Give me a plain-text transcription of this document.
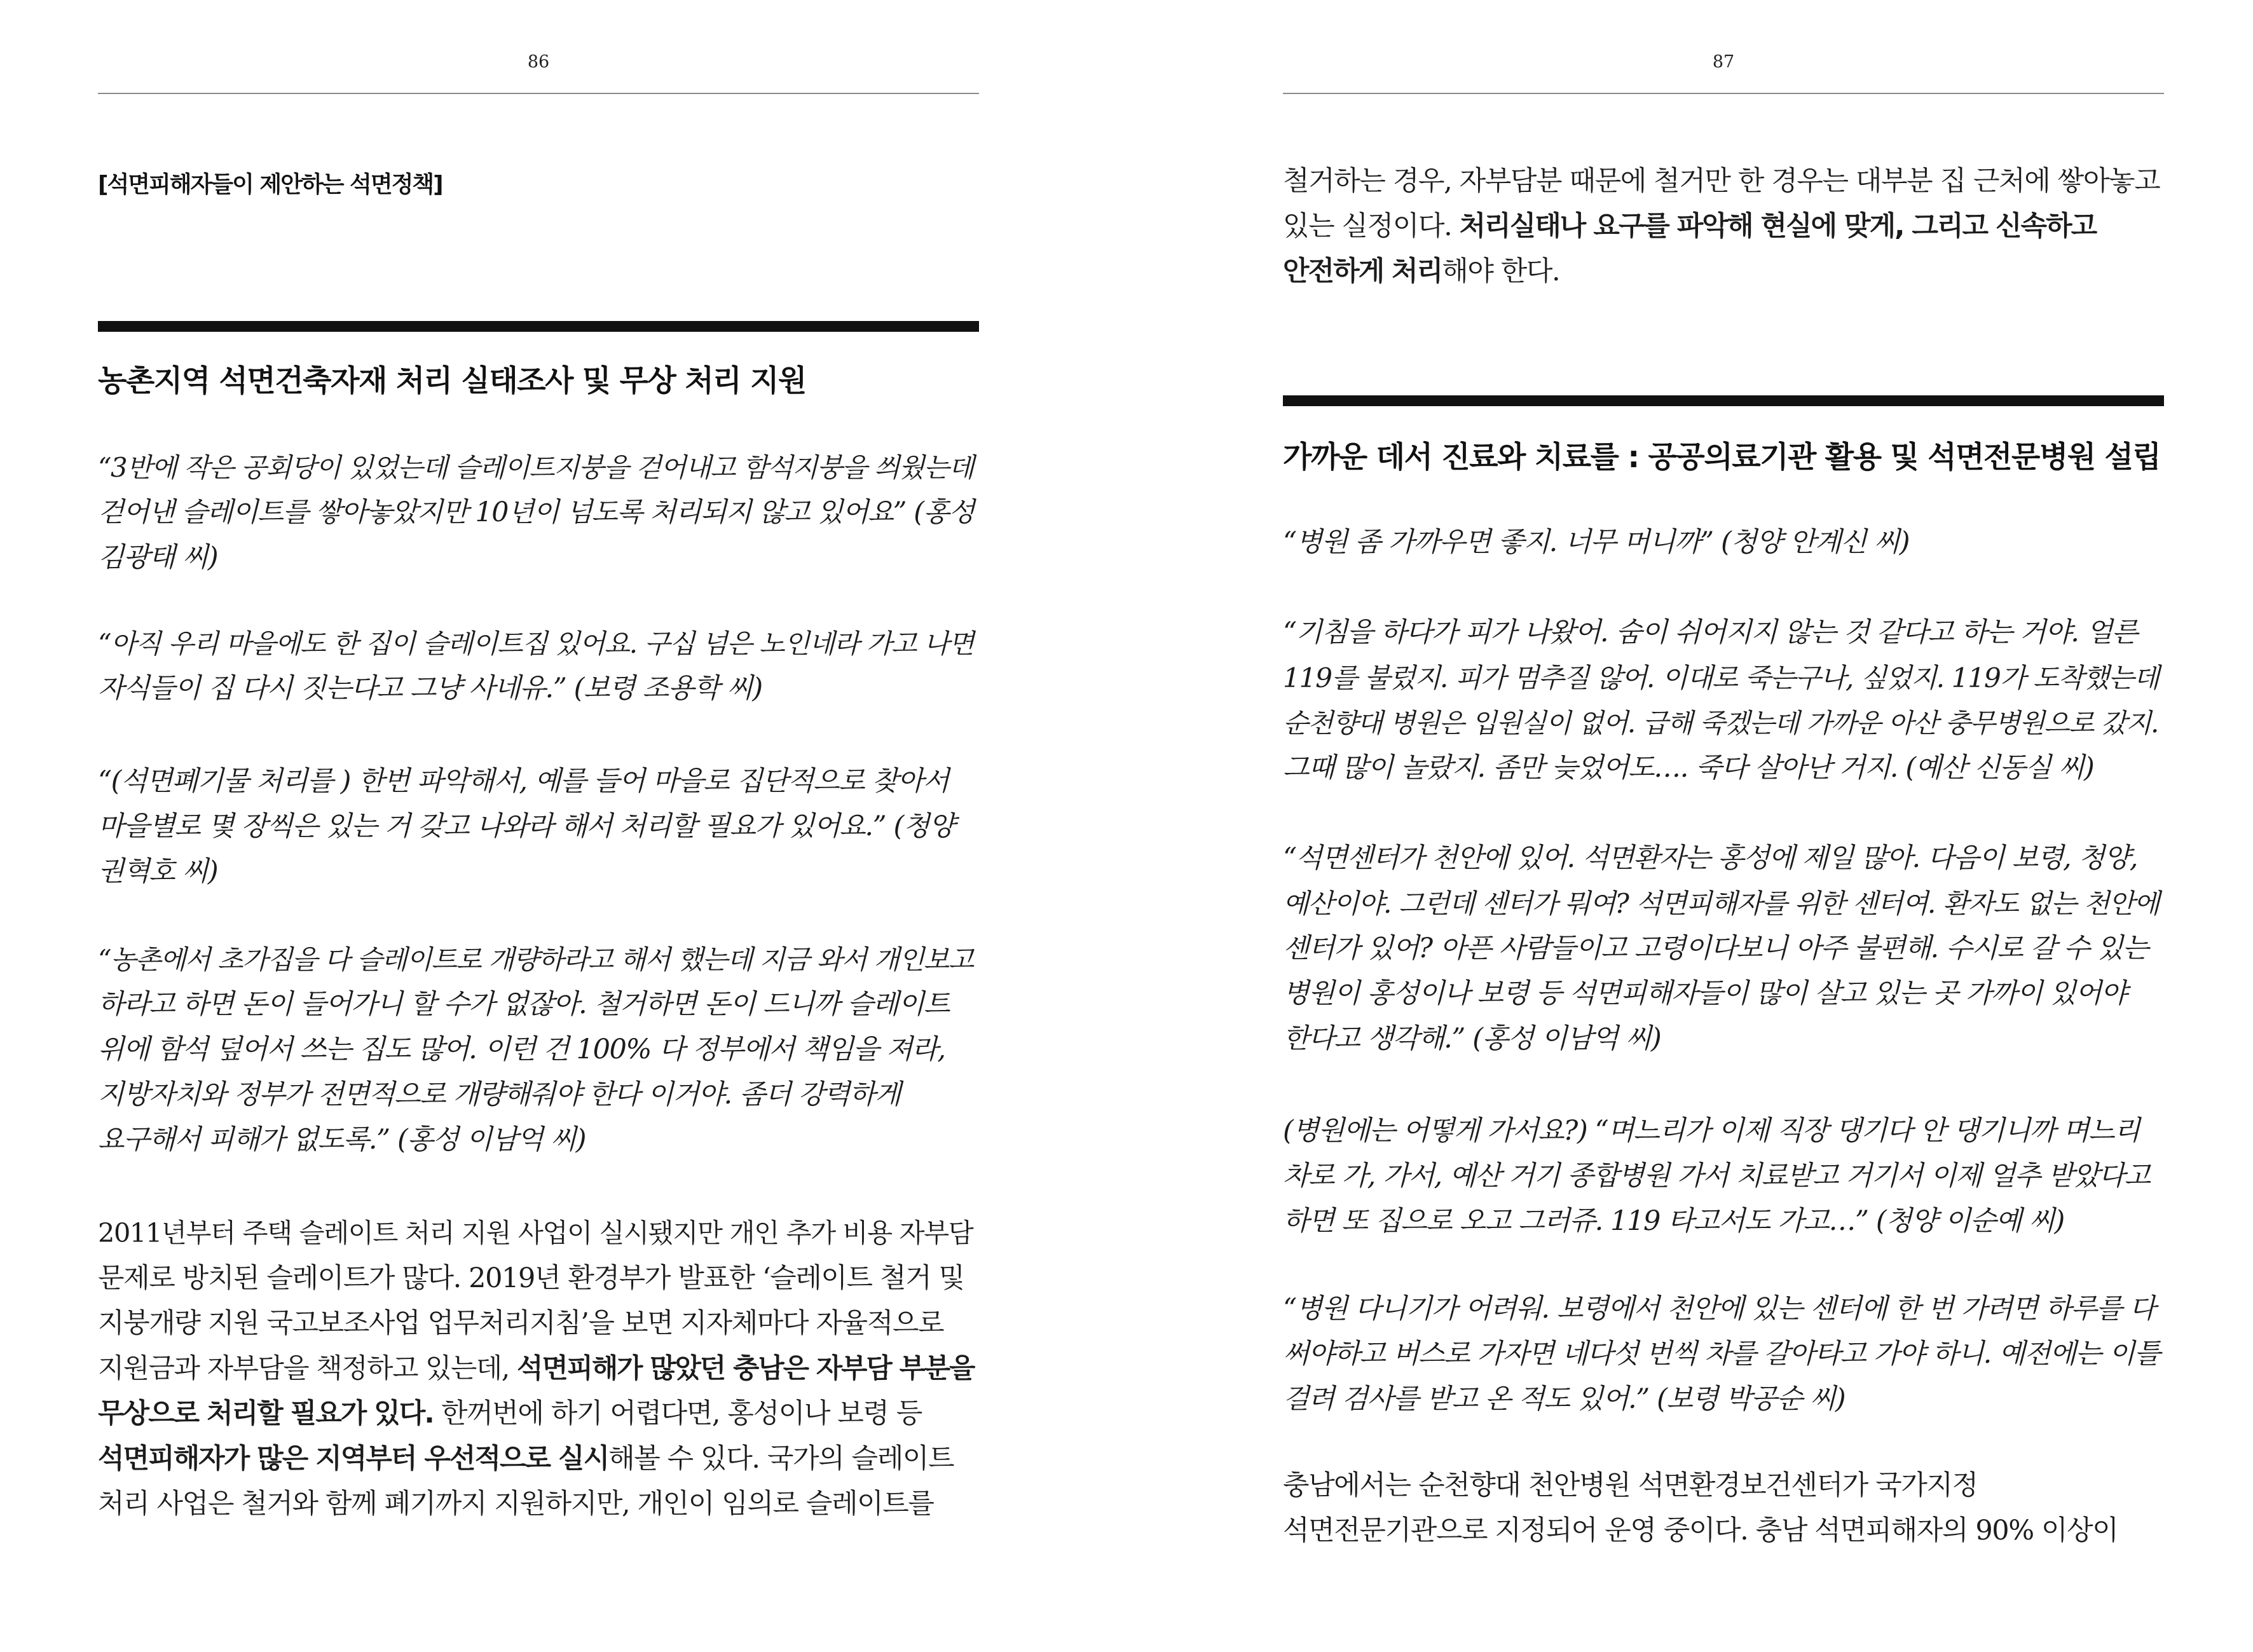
86
[석면피해자들이 제안하는 석면정책]
농촌지역 석면건축자재 처리 실태조사 및 무상 처리 지원
“3반에 작은 공회당이 있었는데 슬레이트지붕을 걷어내고 함석지붕을 씌웠는데
걷어낸 슬레이트를 쌓아놓았지만 10년이 넘도록 처리되지 않고 있어요” (홍성
김광태 씨)
“아직 우리 마을에도 한 집이 슬레이트집 있어요. 구십 넘은 노인네라 가고 나면
자식들이 집 다시 짓는다고 그냥 사네유.” (보령 조용학 씨)
“(석면폐기물 처리를 ) 한번 파악해서, 예를 들어 마을로 집단적으로 찾아서
마을별로 몇 장씩은 있는 거 갖고 나와라 해서 처리할 필요가 있어요.” (청양
권혁호 씨)
“농촌에서 초가집을 다 슬레이트로 개량하라고 해서 했는데 지금 와서 개인보고
하라고 하면 돈이 들어가니 할 수가 없잖아. 철거하면 돈이 드니까 슬레이트
위에 함석 덮어서 쓰는 집도 많어. 이런 건 100% 다 정부에서 책임을 져라,
지방자치와 정부가 전면적으로 개량해줘야 한다 이거야. 좀더 강력하게
요구해서 피해가 없도록.” (홍성 이남억 씨)
2011년부터 주택 슬레이트 처리 지원 사업이 실시됐지만 개인 추가 비용 자부담
문제로 방치된 슬레이트가 많다. 2019년 환경부가 발표한 ‘슬레이트 철거 및
지붕개량 지원 국고보조사업 업무처리지침’을 보면 지자체마다 자율적으로
지원금과 자부담을 책정하고 있는데, 석면피해가 많았던 충남은 자부담 부분을
무상으로 처리할 필요가 있다. 한꺼번에 하기 어렵다면, 홍성이나 보령 등
석면피해자가 많은 지역부터 우선적으로 실시해볼 수 있다. 국가의 슬레이트
처리 사업은 철거와 함께 폐기까지 지원하지만, 개인이 임의로 슬레이트를
87
철거하는 경우, 자부담분 때문에 철거만 한 경우는 대부분 집 근처에 쌓아놓고
있는 실정이다. 처리실태나 요구를 파악해 현실에 맞게, 그리고 신속하고
안전하게 처리해야 한다.
가까운 데서 진료와 치료를 : 공공의료기관 활용 및 석면전문병원 설립
“병원 좀 가까우면 좋지. 너무 머니까” (청양 안계신 씨)
“기침을 하다가 피가 나왔어. 숨이 쉬어지지 않는 것 같다고 하는 거야. 얼른
119를 불렀지. 피가 멈추질 않어. 이대로 죽는구나, 싶었지. 119가 도착했는데
순천향대 병원은 입원실이 없어. 급해 죽겠는데 가까운 아산 충무병원으로 갔지.
그때 많이 놀랐지. 좀만 늦었어도…. 죽다 살아난 거지. (예산 신동실 씨)
“석면센터가 천안에 있어. 석면환자는 홍성에 제일 많아. 다음이 보령, 청양,
예산이야. 그런데 센터가 뭐여? 석면피해자를 위한 센터여. 환자도 없는 천안에
센터가 있어? 아픈 사람들이고 고령이다보니 아주 불편해. 수시로 갈 수 있는
병원이 홍성이나 보령 등 석면피해자들이 많이 살고 있는 곳 가까이 있어야
한다고 생각해.” (홍성 이남억 씨)
(병원에는 어떻게 가서요?) “며느리가 이제 직장 댕기다 안 댕기니까 며느리
차로 가, 가서, 예산 거기 종합병원 가서 치료받고 거기서 이제 얼추 받았다고
하면 또 집으로 오고 그러쥬. 119 타고서도 가고…” (청양 이순예 씨)
“병원 다니기가 어려워. 보령에서 천안에 있는 센터에 한 번 가려면 하루를 다
써야하고 버스로 가자면 네다섯 번씩 차를 갈아타고 가야 하니. 예전에는 이틀
걸려 검사를 받고 온 적도 있어.” (보령 박공순 씨)
충남에서는 순천향대 천안병원 석면환경보건센터가 국가지정
석면전문기관으로 지정되어 운영 중이다. 충남 석면피해자의 90% 이상이
